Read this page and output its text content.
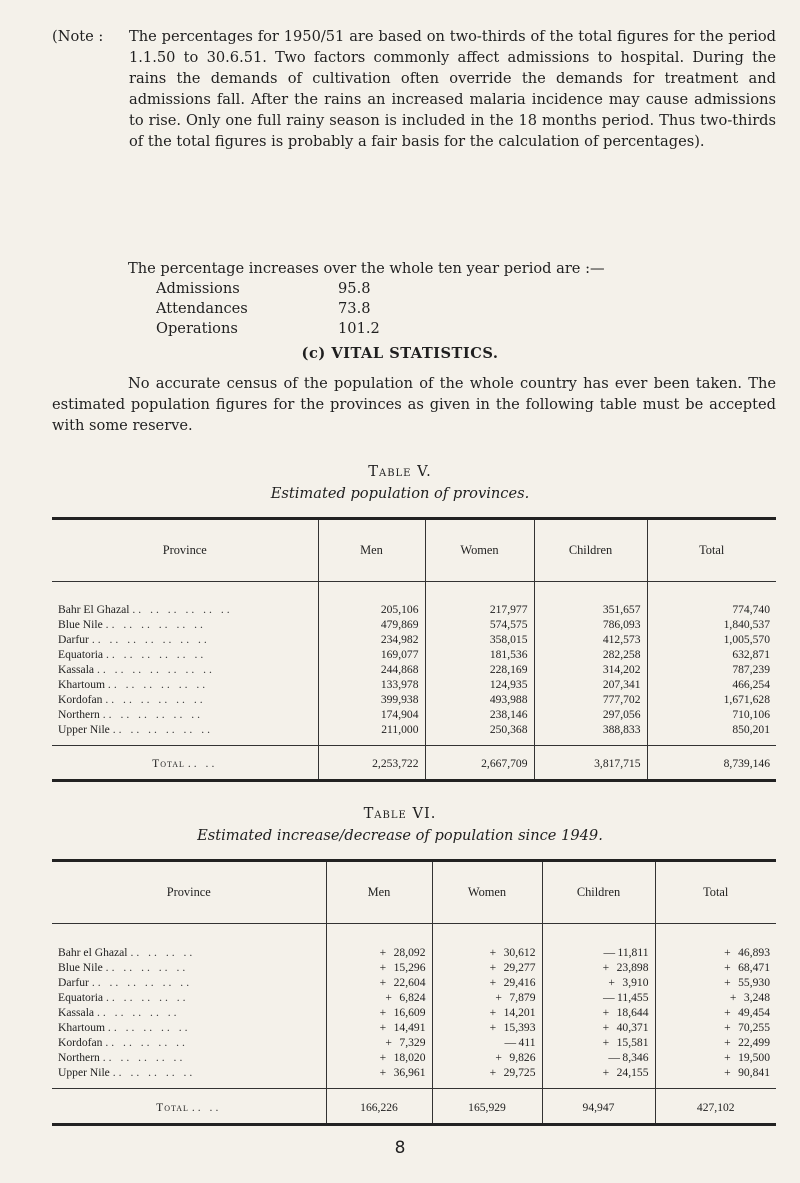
(Note : The percentages for 1950/51 are based on two-thirds of the total figures for the period 1.1.50 to 30.6.51. Two factors commonly affect admissions to hospital. During the rains the demands of cultivation often override the demands for treatment and admissions fall. After the rains an increased malaria incidence may cause admissions to rise. Only one full rainy season is included in the 18 months period. Thus two-thirds of the total figures is probably a fair basis for the calculation of percentages).
The percentage increases over the whole ten year period are :—
Admissions	95.8
Attendances	73.8
Operations	101.2
(c) VITAL STATISTICS.
No accurate census of the population of the whole country has ever been taken. The estimated population figures for the provinces as given in the following table must be accepted with some reserve.
Table V.
Estimated population of provinces.
Province	Men	Women	Children	Total

Bahr El Ghazal .. .. .. .. .. ..	205,106	217,977	351,657	774,740
Blue Nile .. .. .. .. .. ..	479,869	574,575	786,093	1,840,537
Darfur .. .. .. .. .. .. ..	234,982	358,015	412,573	1,005,570
Equatoria .. .. .. .. .. ..	169,077	181,536	282,258	632,871
Kassala .. .. .. .. .. .. ..	244,868	228,169	314,202	787,239
Khartoum .. .. .. .. .. ..	133,978	124,935	207,341	466,254
Kordofan .. .. .. .. .. ..	399,938	493,988	777,702	1,671,628
Northern .. .. .. .. .. ..	174,904	238,146	297,056	710,106
Upper Nile .. .. .. .. .. ..	211,000	250,368	388,833	850,201

Total .. ..	2,253,722	2,667,709	3,817,715	8,739,146
Table VI.
Estimated increase/decrease of population since 1949.
Province	Men	Women	Children	Total

Bahr el Ghazal .. .. .. ..	+ 28,092	+ 30,612	— 11,811	+ 46,893
Blue Nile .. .. .. .. ..	+ 15,296	+ 29,277	+ 23,898	+ 68,471
Darfur .. .. .. .. .. ..	+ 22,604	+ 29,416	+ 3,910	+ 55,930
Equatoria .. .. .. .. ..	+ 6,824	+ 7,879	— 11,455	+ 3,248
Kassala .. .. .. .. ..	+ 16,609	+ 14,201	+ 18,644	+ 49,454
Khartoum .. .. .. .. ..	+ 14,491	+ 15,393	+ 40,371	+ 70,255
Kordofan .. .. .. .. ..	+ 7,329	— 411	+ 15,581	+ 22,499
Northern .. .. .. .. ..	+ 18,020	+ 9,826	— 8,346	+ 19,500
Upper Nile .. .. .. .. ..	+ 36,961	+ 29,725	+ 24,155	+ 90,841

Total .. ..	166,226	165,929	94,947	427,102
8
